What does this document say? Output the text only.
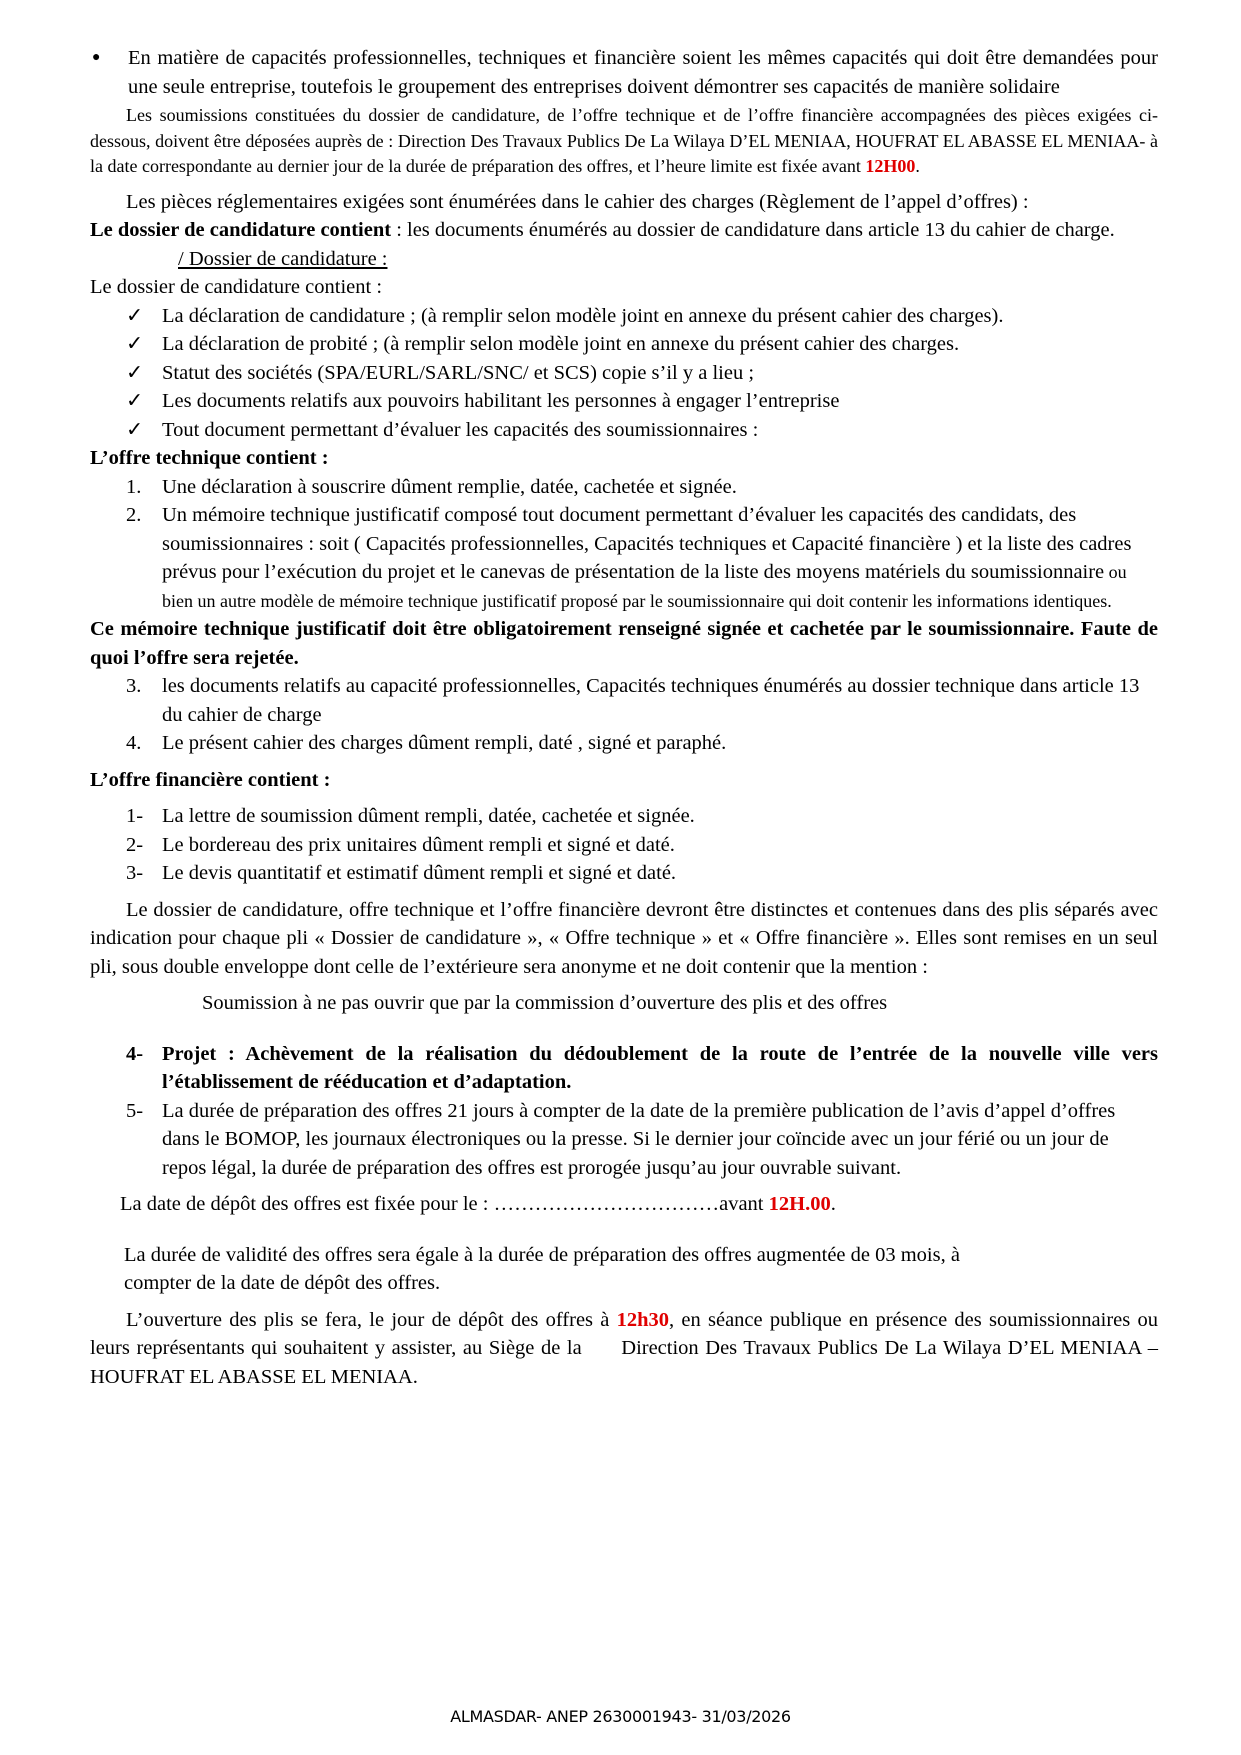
●	En matière de capacités professionnelles, techniques et financière soient les mêmes capacités qui doit être demandées pour une seule entreprise, toutefois le groupement des entreprises doivent démontrer ses capacités de manière solidaire

Les soumissions constituées du dossier de candidature, de l’offre technique et de l’offre financière accompagnées des pièces exigées ci-dessous, doivent être déposées auprès de : Direction Des Travaux Publics De La Wilaya D’EL MENIAA, HOUFRAT EL ABASSE EL MENIAA- à la date correspondante au dernier jour de la durée de préparation des offres, et l’heure limite est fixée avant 12H00.

Les pièces réglementaires exigées sont énumérées dans le cahier des charges (Règlement de l’appel d’offres) :

Le dossier de candidature contient : les documents énumérés au dossier de candidature dans article 13 du cahier de charge.

/ Dossier de candidature :

Le dossier de candidature contient :

✓ La déclaration de candidature ; (à remplir selon modèle joint en annexe du présent cahier des charges).
✓ La déclaration de probité ; (à remplir selon modèle joint en annexe du présent cahier des charges.
✓ Statut des sociétés (SPA/EURL/SARL/SNC/ et SCS) copie s’il y a lieu ;
✓ Les documents relatifs aux pouvoirs habilitant les personnes à engager l’entreprise
✓ Tout document permettant d’évaluer les capacités des soumissionnaires :

L’offre technique contient :

1.	Une déclaration à souscrire dûment remplie, datée, cachetée et signée.
2.	Un mémoire technique justificatif composé tout document permettant d’évaluer les capacités des candidats, des soumissionnaires : soit ( Capacités professionnelles, Capacités techniques et Capacité financière ) et la liste des cadres prévus pour l’exécution du projet et le canevas de présentation de la liste des moyens matériels du soumissionnaire ou bien un autre modèle de mémoire technique justificatif proposé par le soumissionnaire qui doit contenir les informations identiques.

Ce mémoire technique justificatif doit être obligatoirement renseigné signée et cachetée par le soumissionnaire. Faute de quoi l’offre sera rejetée.

3.	les documents relatifs au capacité professionnelles, Capacités techniques énumérés au dossier technique dans article 13 du cahier de charge
4.	Le présent cahier des charges dûment rempli, daté , signé et paraphé.

L’offre financière contient :

1- La lettre de soumission dûment rempli, datée, cachetée et signée.
2- Le bordereau des prix unitaires dûment rempli et signé et daté.
3- Le devis quantitatif et estimatif dûment rempli et signé et daté.

Le dossier de candidature, offre technique et l’offre financière devront être distinctes et contenues dans des plis séparés avec indication pour chaque pli « Dossier de candidature », « Offre technique » et « Offre financière ». Elles sont remises en un seul pli, sous double enveloppe dont celle de l’extérieure sera anonyme et ne doit contenir que la mention :

Soumission à ne pas ouvrir que par la commission d’ouverture des plis et des offres

4- Projet : Achèvement de la réalisation du dédoublement de la route de l’entrée de la nouvelle ville vers l’établissement de rééducation et d’adaptation.
5- La durée de préparation des offres 21 jours à compter de la date de la première publication de l’avis d’appel d’offres dans le BOMOP, les journaux électroniques ou la presse. Si le dernier jour coïncide avec un jour férié ou un jour de repos légal, la durée de préparation des offres est prorogée jusqu’au jour ouvrable suivant.

La date de dépôt des offres est fixée pour le : ……………………………avant 12H.00.

La durée de validité des offres sera égale à la durée de préparation des offres augmentée de 03 mois, à compter de la date de dépôt des offres.

L’ouverture des plis se fera, le jour de dépôt des offres à 12h30, en séance publique en présence des soumissionnaires ou leurs représentants qui souhaitent y assister, au Siège de la      Direction Des Travaux Publics De La Wilaya D’EL MENIAA – HOUFRAT EL ABASSE EL MENIAA.

ALMASDAR- ANEP 2630001943- 31/03/2026
